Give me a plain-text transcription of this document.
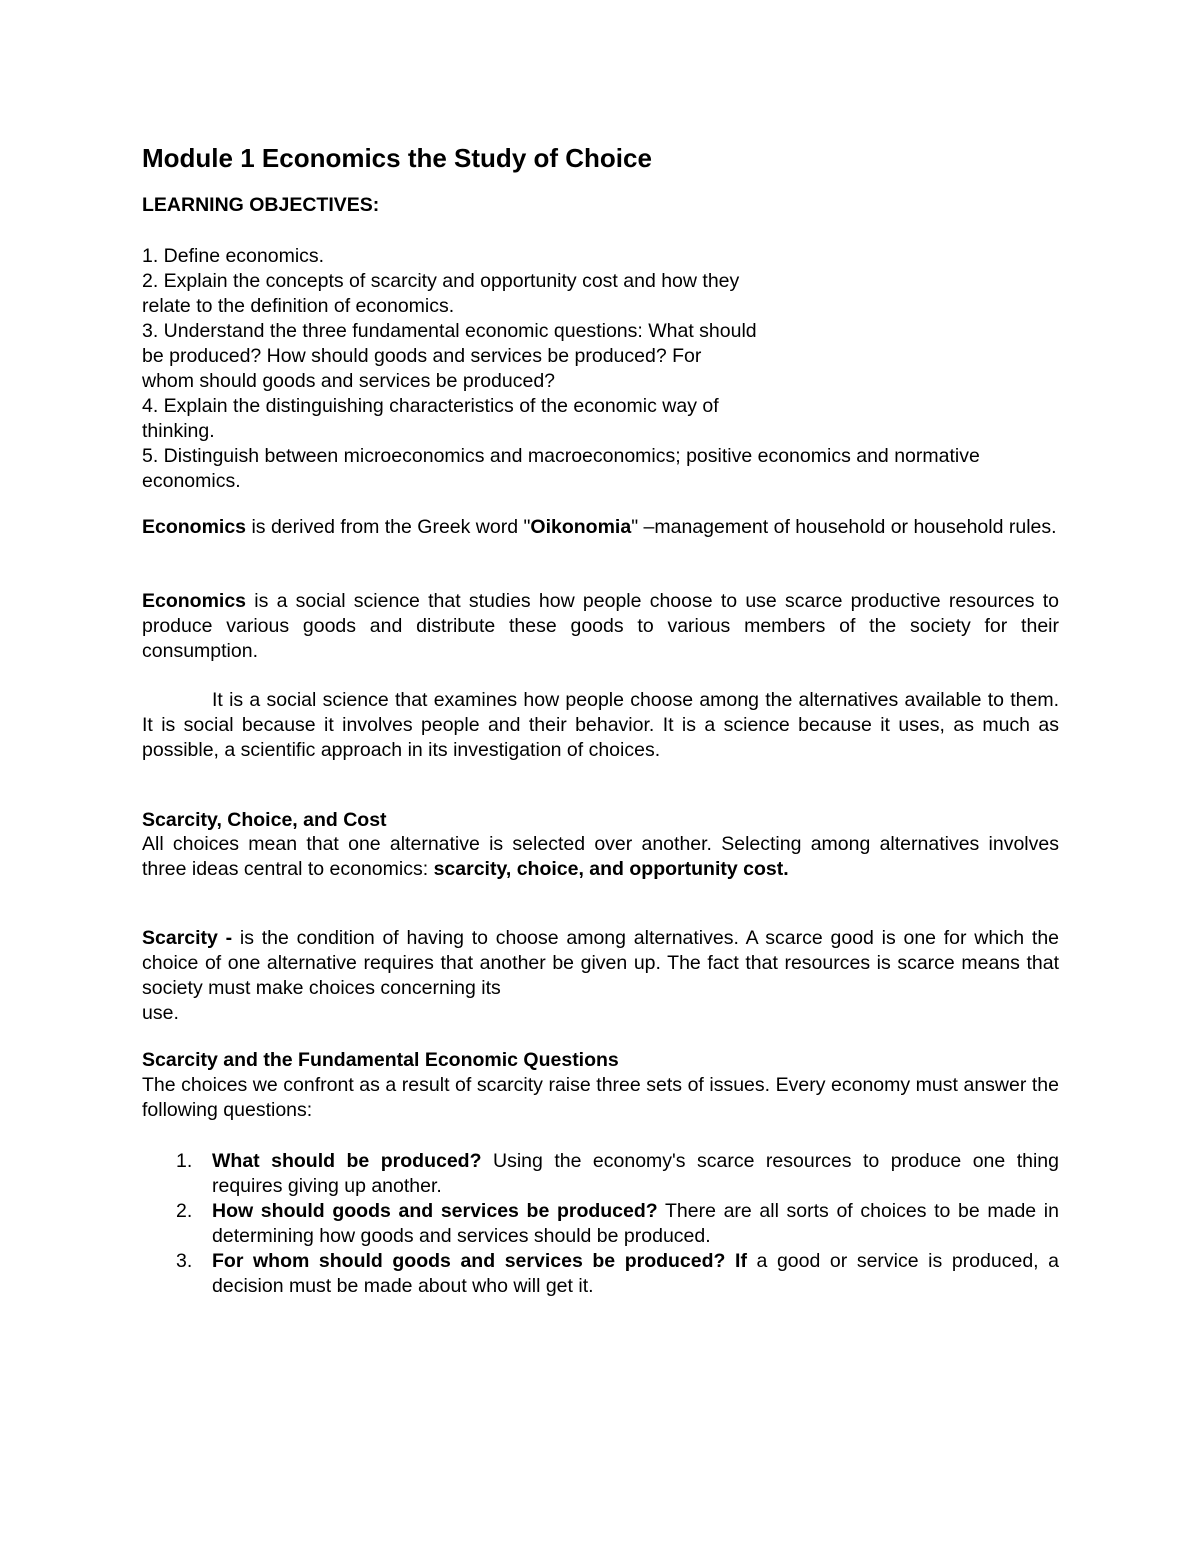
Module 1 Economics the Study of Choice
LEARNING OBJECTIVES:
1. Define economics.
2. Explain the concepts of scarcity and opportunity cost and how they
relate to the definition of economics.
3. Understand the three fundamental economic questions: What should
be produced? How should goods and services be produced? For
whom should goods and services be produced?
4. Explain the distinguishing characteristics of the economic way of
thinking.
5. Distinguish between microeconomics and macroeconomics; positive economics and normative economics.
Economics is derived from the Greek word "Oikonomia" –management of household or household rules.
Economics is a social science that studies how people choose to use scarce productive resources to produce various goods and distribute these goods to various members of the society for their consumption.
It is a social science that examines how people choose among the alternatives available to them. It is social because it involves people and their behavior. It is a science because it uses, as much as possible, a scientific approach in its investigation of choices.
Scarcity, Choice, and Cost
All choices mean that one alternative is selected over another. Selecting among alternatives involves three ideas central to economics: scarcity, choice, and opportunity cost.
Scarcity - is the condition of having to choose among alternatives. A scarce good is one for which the choice of one alternative requires that another be given up. The fact that resources is scarce means that society must make choices concerning its
use.
Scarcity and the Fundamental Economic Questions
The choices we confront as a result of scarcity raise three sets of issues. Every economy must answer the following questions:
1. What should be produced? Using the economy's scarce resources to produce one thing requires giving up another.
2. How should goods and services be produced? There are all sorts of choices to be made in determining how goods and services should be produced.
3. For whom should goods and services be produced? If a good or service is produced, a decision must be made about who will get it.
